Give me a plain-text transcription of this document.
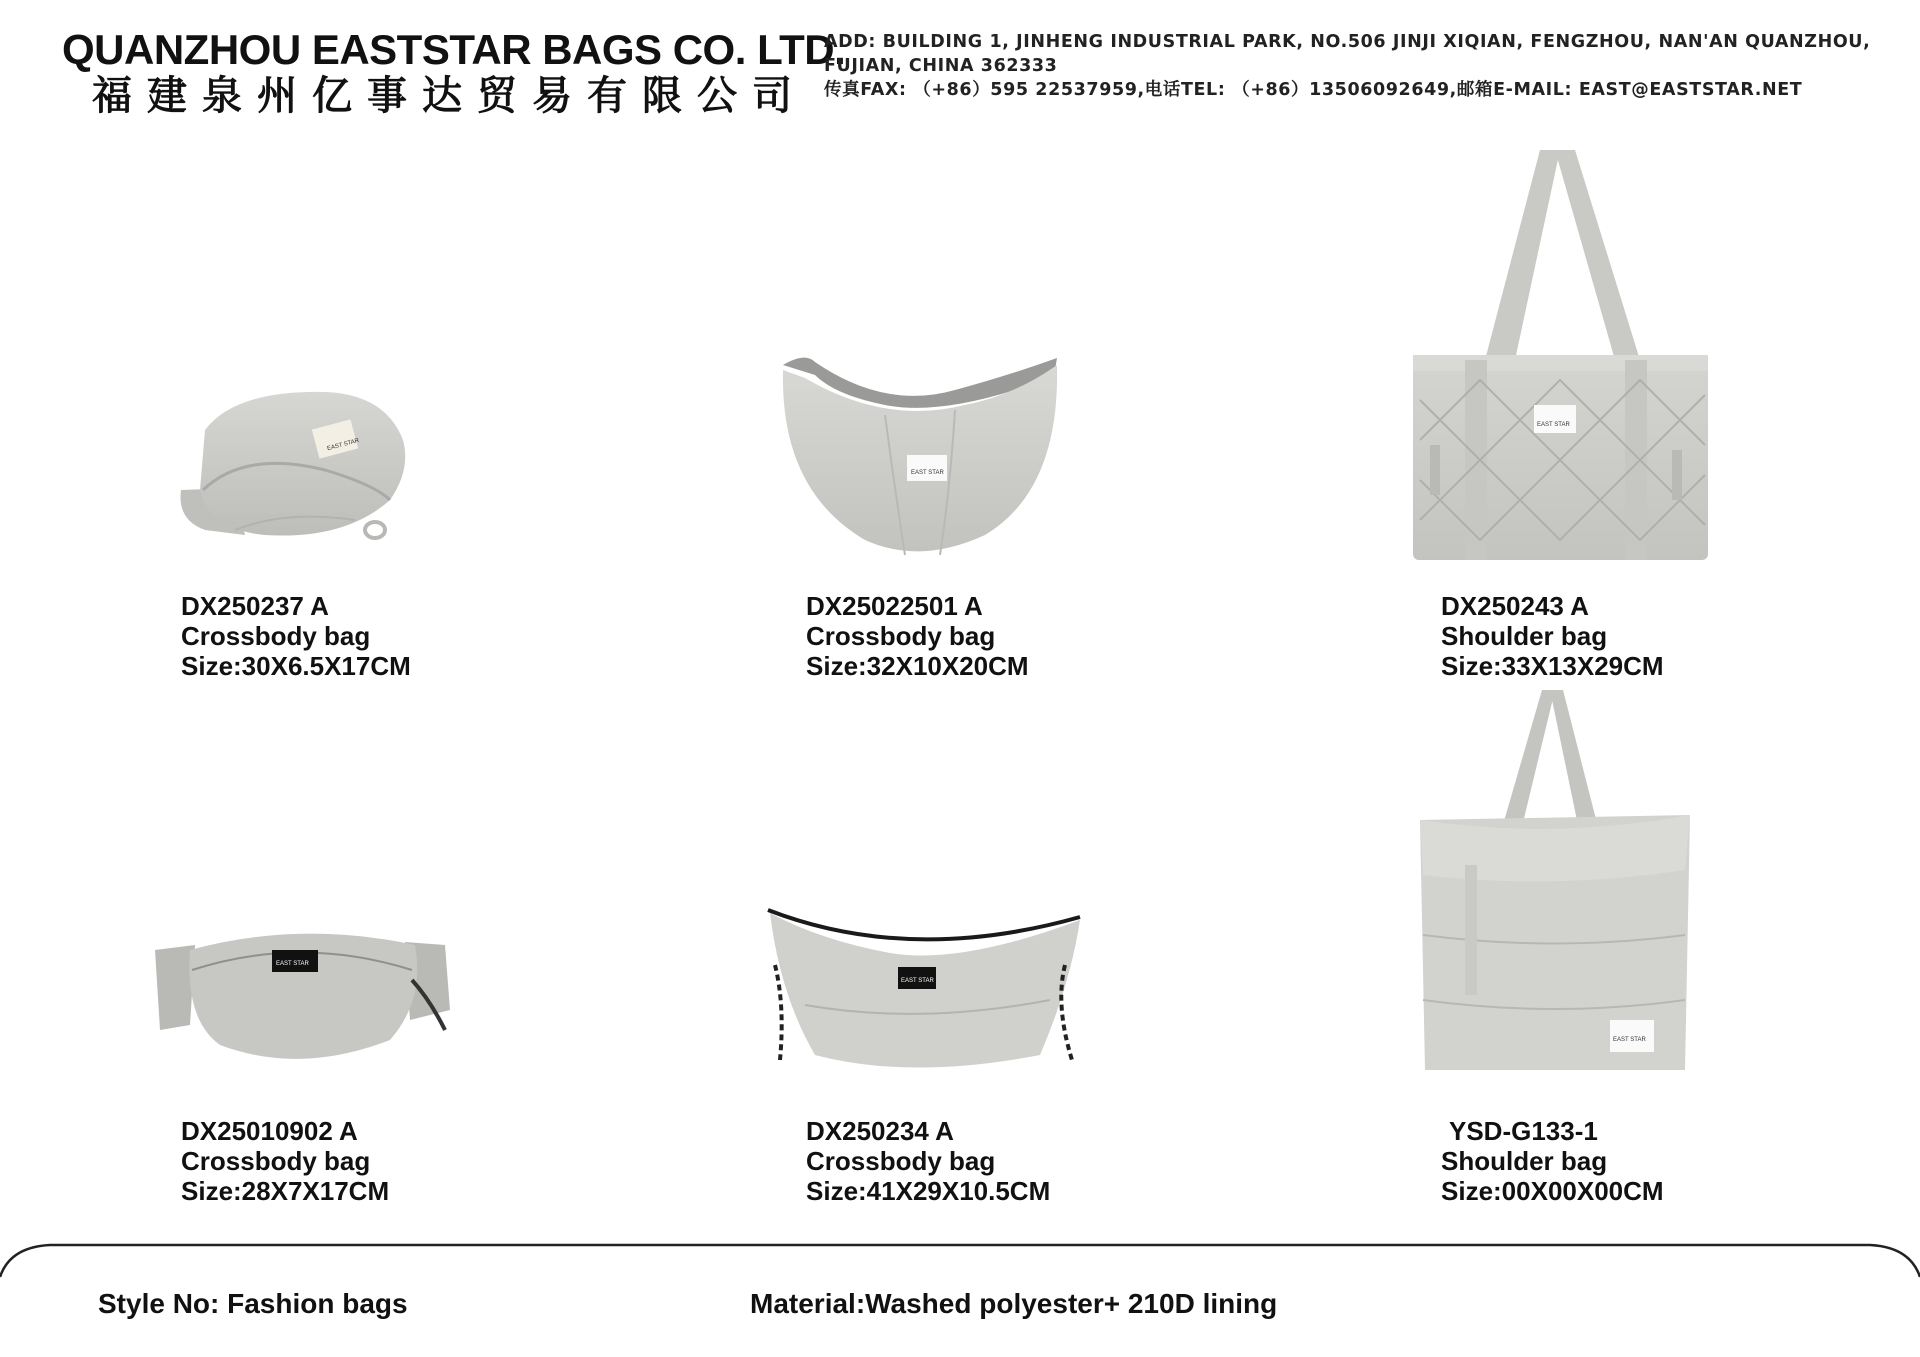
QUANZHOU EASTSTAR BAGS CO. LTD.
福建泉州亿事达贸易有限公司
ADD: BUILDING 1, JINHENG INDUSTRIAL PARK, NO.506 JINJI XIQIAN, FENGZHOU, NAN'AN QUANZHOU,
FUJIAN, CHINA 362333
传真FAX: （+86）595 22537959,电话TEL: （+86）13506092649,邮箱E-MAIL: EAST@EASTSTAR.NET
EAST STAR
DX250237 A
Crossbody bag
Size:30X6.5X17CM
EAST STAR
DX25022501 A
Crossbody bag
Size:32X10X20CM
EAST STAR
DX250243 A
Shoulder bag
Size:33X13X29CM
EAST STAR
DX25010902 A
Crossbody bag
Size:28X7X17CM
EAST STAR
DX250234 A
Crossbody bag
Size:41X29X10.5CM
EAST STAR
YSD-G133-1
Shoulder bag
Size:00X00X00CM
Style No: Fashion bags	Material:Washed polyester+ 210D lining
